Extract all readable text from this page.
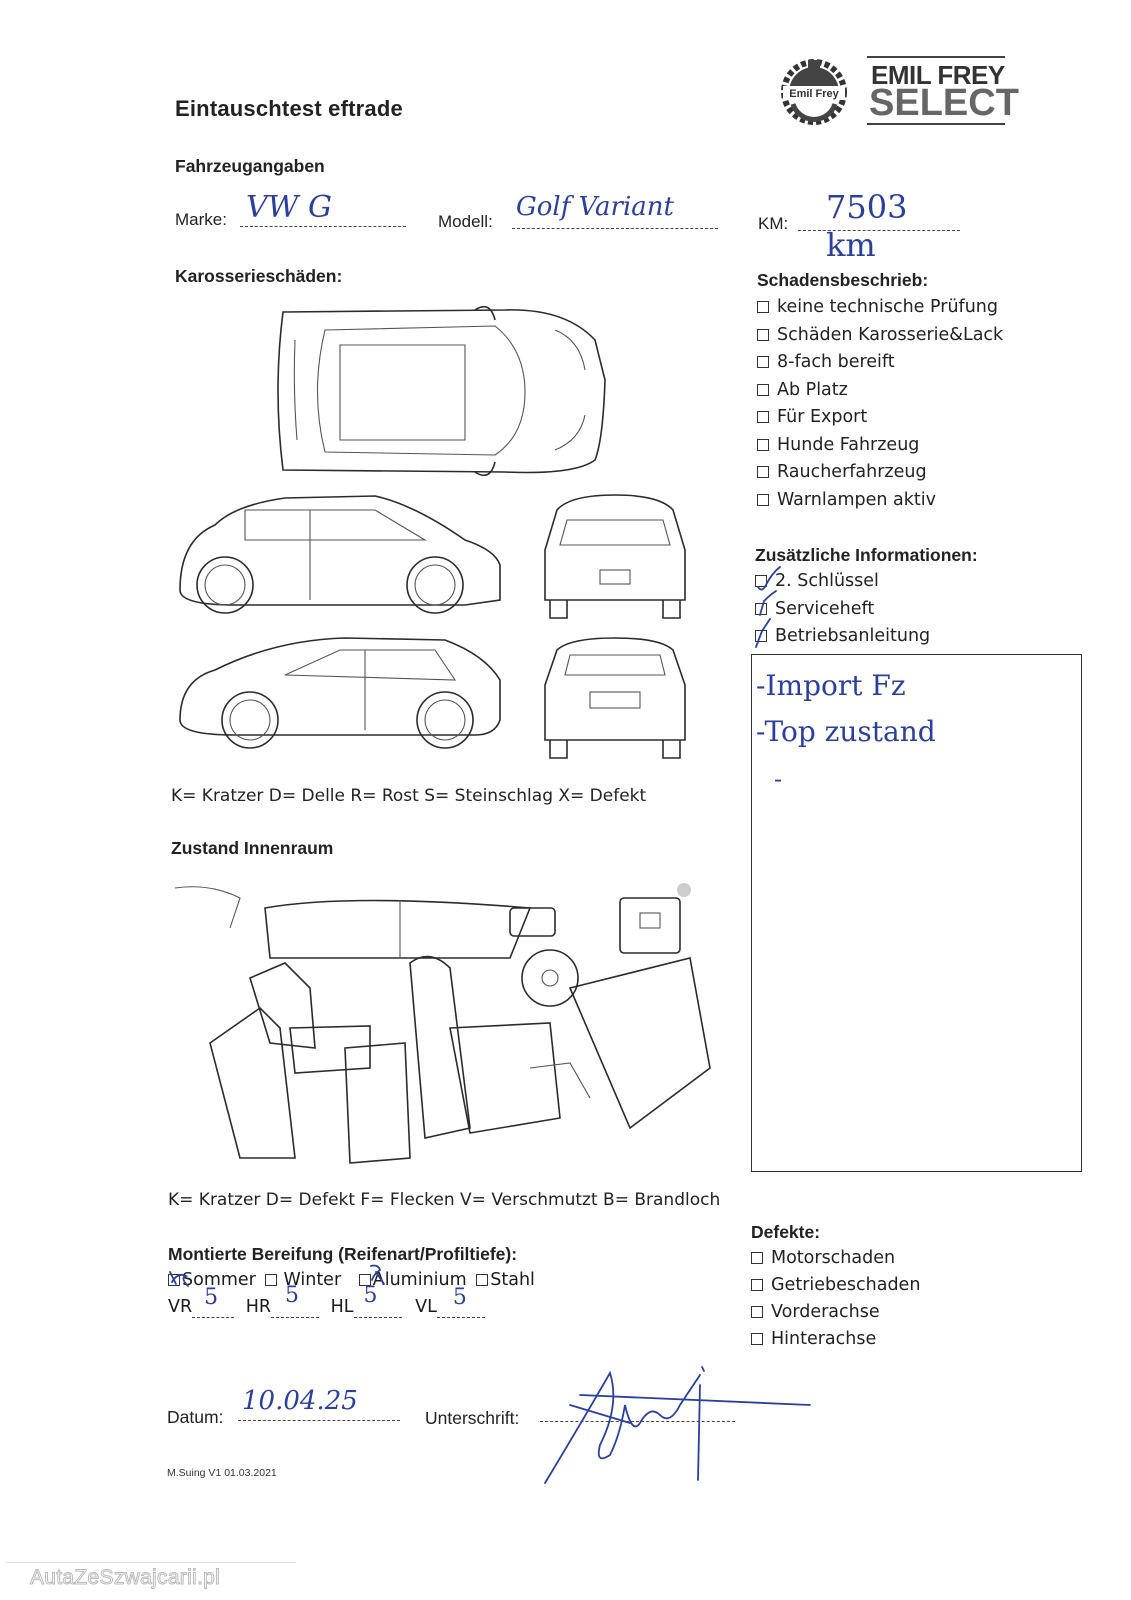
Eintauschtest eftrade
Emil Frey
EMIL FREY
SELECT
Fahrzeugangaben
Marke: VW G	Modell: Golf Variant
KM: 7503 km
Karosserieschäden:
K= Kratzer D= Delle R= Rost S= Steinschlag X= Defekt
Schadensbeschrieb:
keine technische Prüfung
Schäden Karosserie&Lack
8-fach bereift
Ab Platz
Für Export
Hunde Fahrzeug
Raucherfahrzeug
Warnlampen aktiv
Zusätzliche Informationen:
2. Schlüssel
Serviceheft
Betriebsanleitung
-Import Fz
-Top zustand
-
Zustand Innenraum
K= Kratzer D= Defekt F= Flecken V= Verschmutzt B= Brandloch
Montierte Bereifung (Reifenart/Profiltiefe):
Sommer Winter Aluminium Stahl
VR 5 HR 5 HL 5 VL 5

Defekte:
Motorschaden
Getriebeschaden
Vorderachse
Hinterachse
Datum:
10.04.25
Unterschrift:
M.Suing V1 01.03.2021
AutaZeSzwajcarii.pl
